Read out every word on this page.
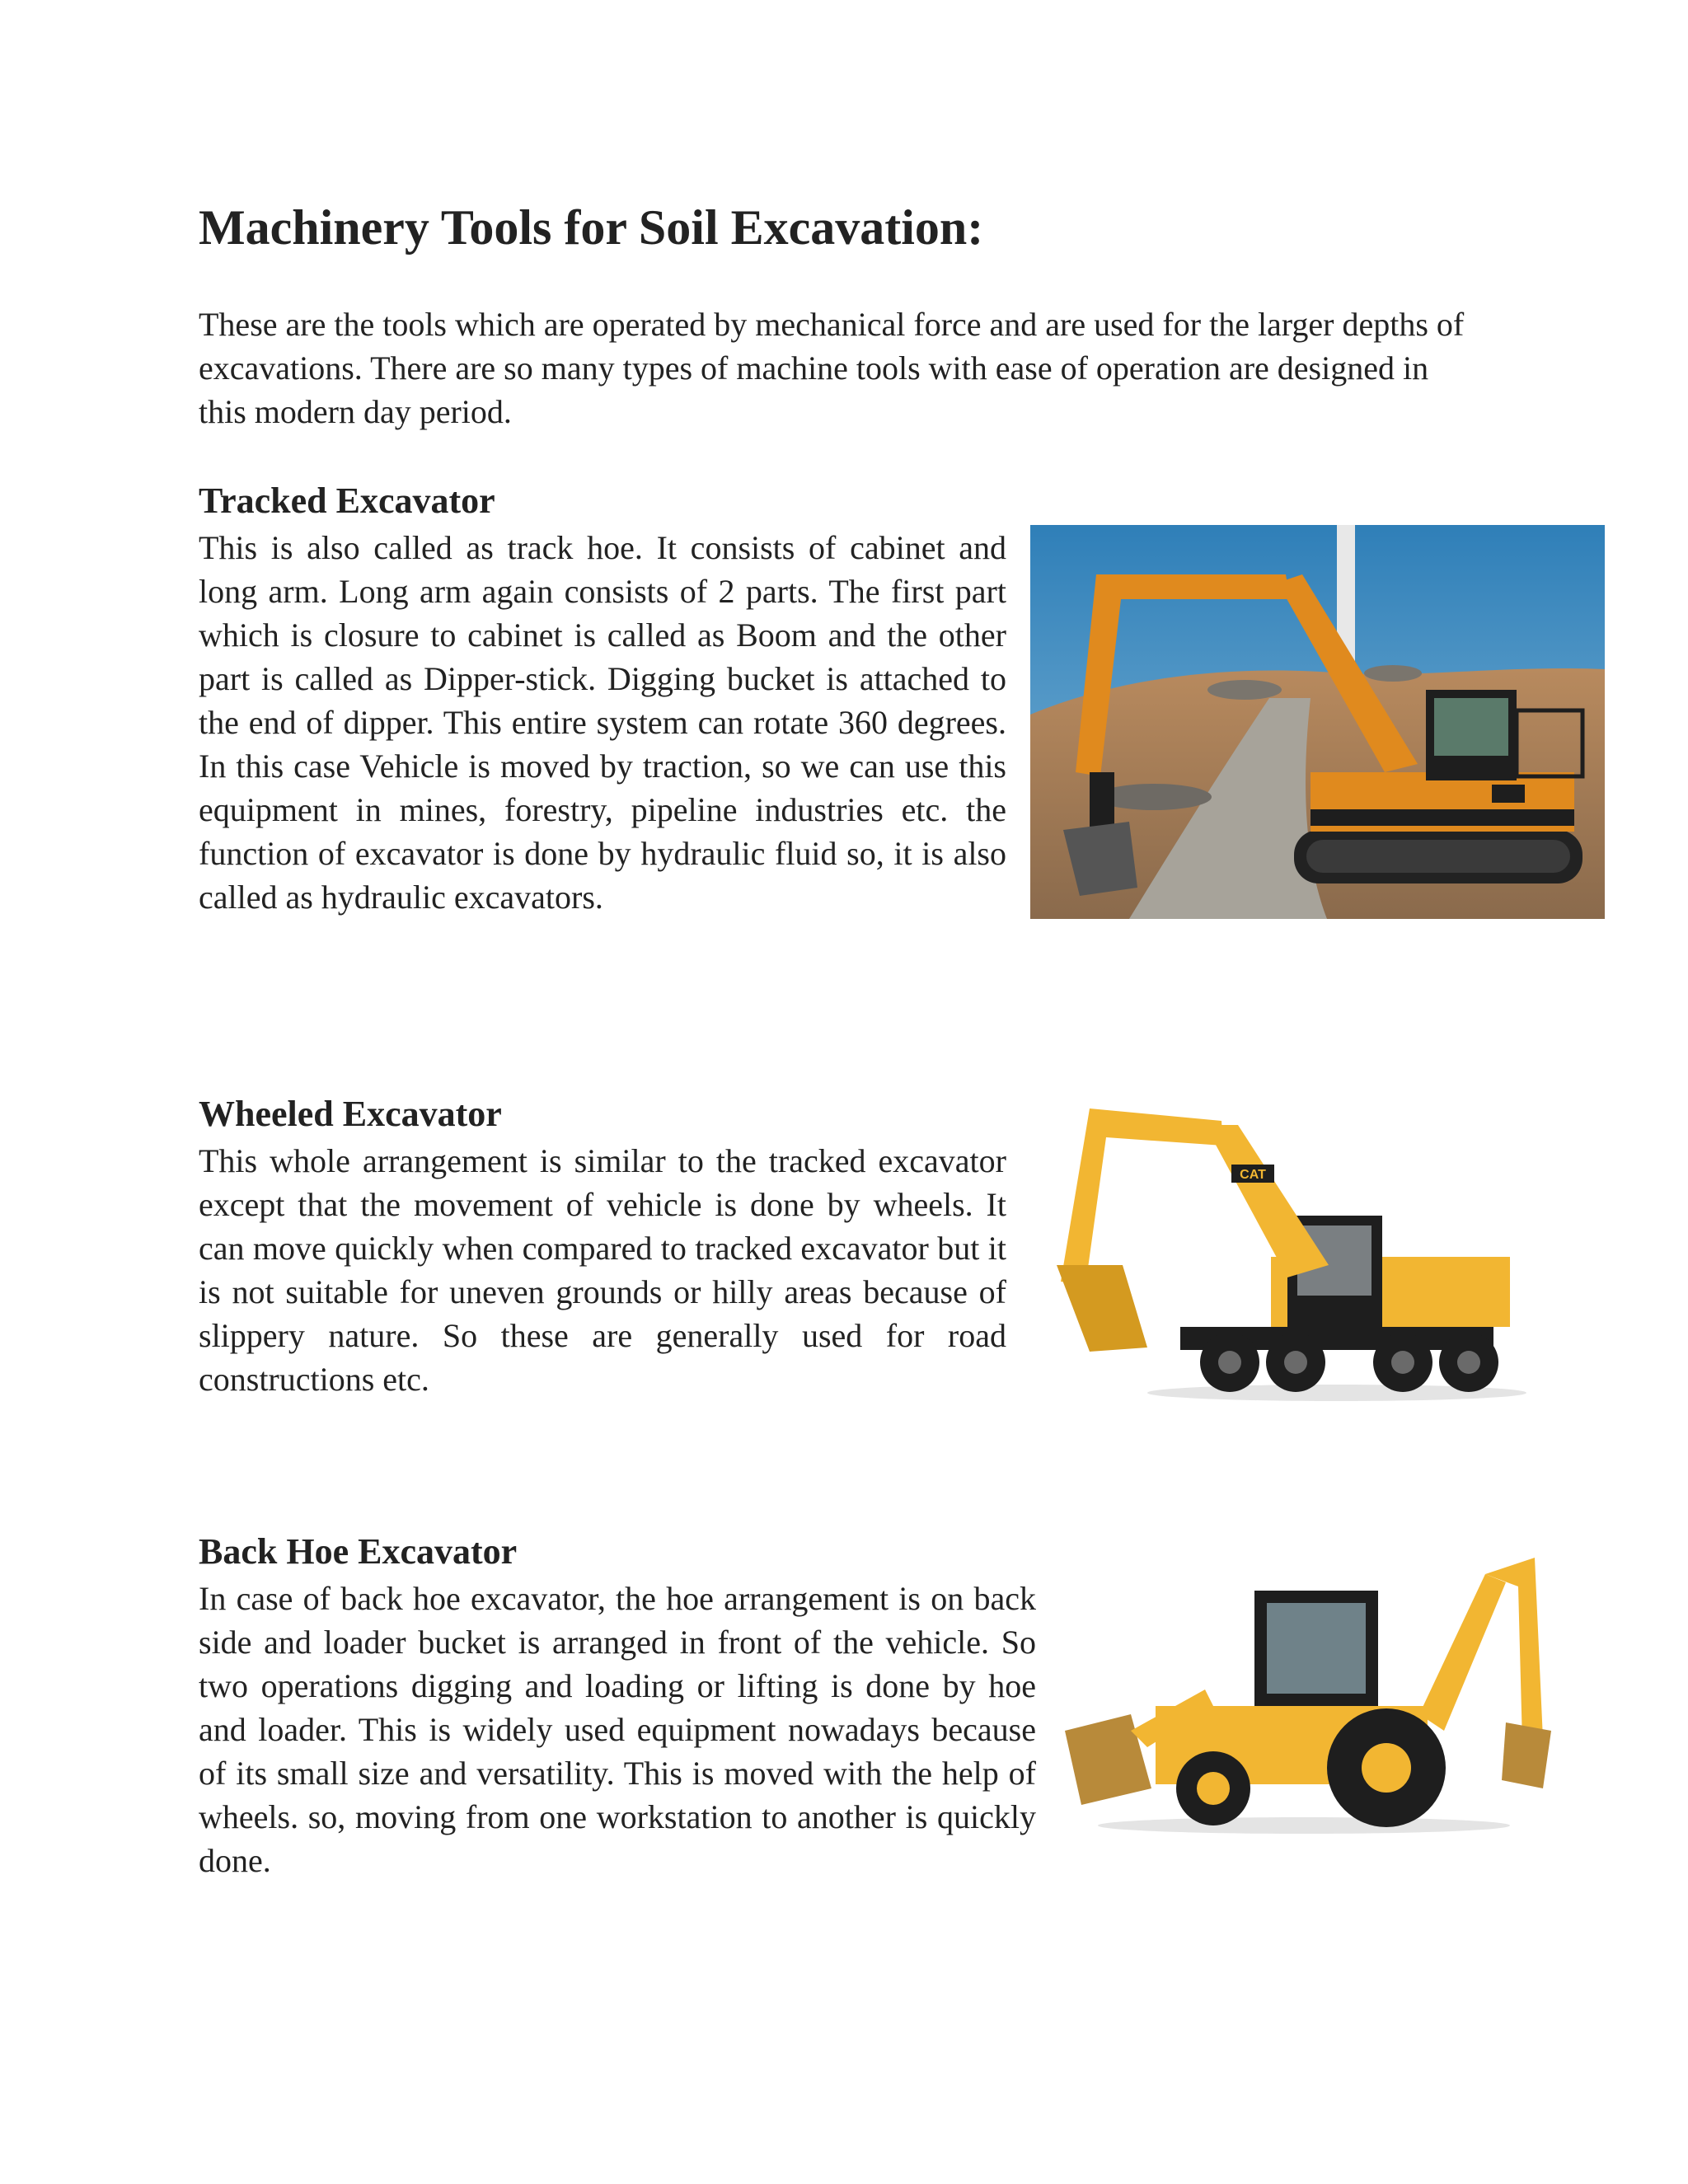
Machinery Tools for Soil Excavation:

These are the tools which are operated by mechanical force and are used for the larger depths of excavations. There are so many types of machine tools with ease of operation are designed in this modern day period.

Tracked Excavator

This is also called as track hoe. It consists of cabinet and long arm. Long arm again consists of 2 parts. The first part which is closure to cabinet is called as Boom and the other part is called as Dipper-stick. Digging bucket is attached to the end of dipper. This entire system can rotate 360 degrees. In this case Vehicle is moved by traction, so we can use this equipment in mines, forestry, pipeline industries etc. the function of excavator is done by hydraulic fluid so, it is also called as hydraulic excavators.

Wheeled Excavator

This whole arrangement is similar to the tracked excavator except that the movement of vehicle is done by wheels. It can move quickly when compared to tracked excavator but it is not suitable for uneven grounds or hilly areas because of slippery nature. So these are generally used for road constructions etc.

CAT
Back Hoe Excavator

In case of back hoe excavator, the hoe arrangement is on back side and loader bucket is arranged in front of the vehicle. So two operations digging and loading or lifting is done by hoe and loader. This is widely used equipment nowadays because of its small size and versatility. This is moved with the help of wheels. so, moving from one workstation to another is quickly done.
